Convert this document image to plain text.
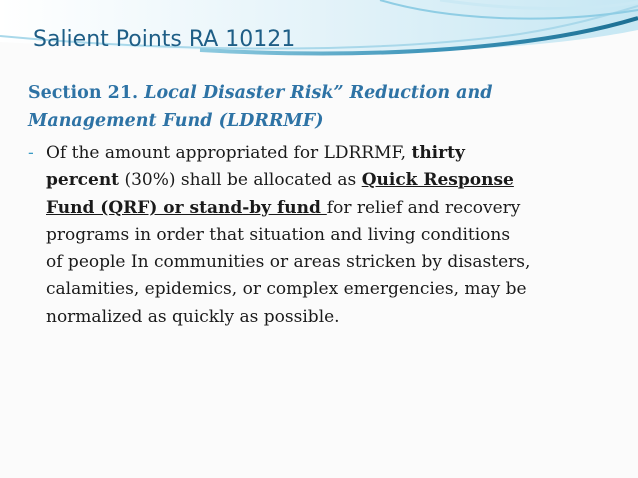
Salient Points RA 10121
Section 21. Local Disaster Risk” Reduction and
Management Fund (LDRRMF)
- Of the amount appropriated for LDRRMF, thirty
percent (30%) shall be allocated as Quick Response
Fund (QRF) or stand-by fund for relief and recovery
programs in order that situation and living conditions
of people In communities or areas stricken by disasters,
calamities, epidemics, or complex emergencies, may be
normalized as quickly as possible.
